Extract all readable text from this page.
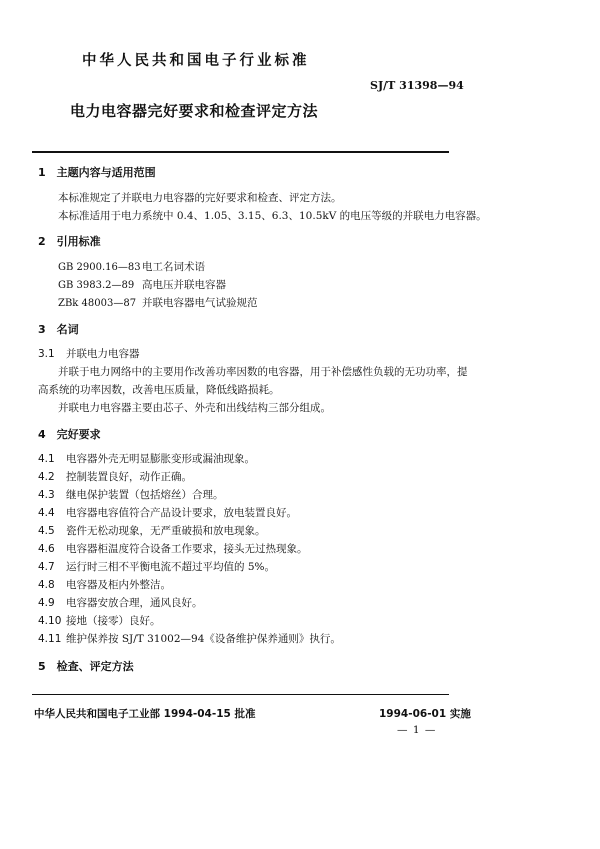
中华人民共和国电子行业标准
SJ/T 31398—94
电力电容器完好要求和检查评定方法
1　主题内容与适用范围
本标准规定了并联电力电容器的完好要求和检查、评定方法。
本标准适用于电力系统中 0.4、1.05、3.15、6.3、10.5kV 的电压等级的并联电力电容器。
2　引用标准
GB 2900.16—83电工名词术语
GB 3983.2—89 高电压并联电容器
ZBk 48003—87 并联电容器电气试验规范
3　名词
3.1 并联电力电容器
并联于电力网络中的主要用作改善功率因数的电容器，用于补偿感性负载的无功功率，提
高系统的功率因数，改善电压质量，降低线路损耗。
并联电力电容器主要由芯子、外壳和出线结构三部分组成。
4　完好要求
4.1 电容器外壳无明显膨胀变形或漏油现象。
4.2 控制装置良好，动作正确。
4.3 继电保护装置（包括熔丝）合理。
4.4 电容器电容值符合产品设计要求，放电装置良好。
4.5 瓷件无松动现象，无严重破损和放电现象。
4.6 电容器柜温度符合设备工作要求，接头无过热现象。
4.7 运行时三相不平衡电流不超过平均值的 5%。
4.8 电容器及柜内外整洁。
4.9 电容器安放合理，通风良好。
4.10 接地（接零）良好。
4.11 维护保养按 SJ/T 31002—94《设备维护保养通则》执行。
5　检查、评定方法
中华人民共和国电子工业部 1994-04-15 批准	1994-06-01 实施
— 1 —
